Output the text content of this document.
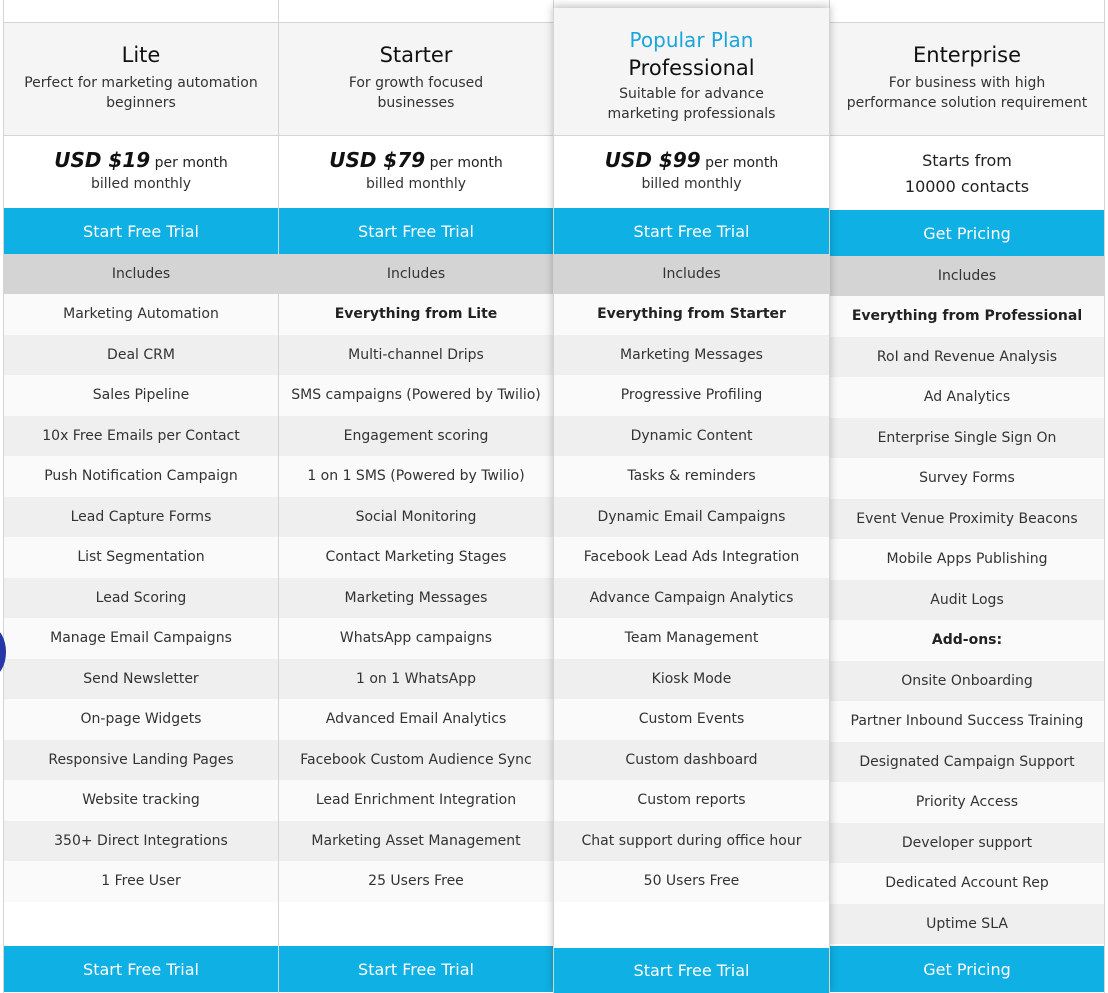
Lite
Perfect for marketing automation beginners
USD $19 per month
billed monthly
Start Free Trial
Includes
Marketing Automation
Deal CRM
Sales Pipeline
10x Free Emails per Contact
Push Notification Campaign
Lead Capture Forms
List Segmentation
Lead Scoring
Manage Email Campaigns
Send Newsletter
On-page Widgets
Responsive Landing Pages
Website tracking
350+ Direct Integrations
1 Free User
Start Free Trial
Starter
For growth focused businesses
USD $79 per month
billed monthly
Start Free Trial
Includes
Everything from Lite
Multi-channel Drips
SMS campaigns (Powered by Twilio)
Engagement scoring
1 on 1 SMS (Powered by Twilio)
Social Monitoring
Contact Marketing Stages
Marketing Messages
WhatsApp campaigns
1 on 1 WhatsApp
Advanced Email Analytics
Facebook Custom Audience Sync
Lead Enrichment Integration
Marketing Asset Management
25 Users Free
Start Free Trial
Popular Plan
Professional
Suitable for advance marketing professionals
USD $99 per month
billed monthly
Start Free Trial
Includes
Everything from Starter
Marketing Messages
Progressive Profiling
Dynamic Content
Tasks & reminders
Dynamic Email Campaigns
Facebook Lead Ads Integration
Advance Campaign Analytics
Team Management
Kiosk Mode
Custom Events
Custom dashboard
Custom reports
Chat support during office hour
50 Users Free
Start Free Trial
Enterprise
For business with high performance solution requirement
Starts from
10000 contacts
Get Pricing
Includes
Everything from Professional
RoI and Revenue Analysis
Ad Analytics
Enterprise Single Sign On
Survey Forms
Event Venue Proximity Beacons
Mobile Apps Publishing
Audit Logs
Add-ons:
Onsite Onboarding
Partner Inbound Success Training
Designated Campaign Support
Priority Access
Developer support
Dedicated Account Rep
Uptime SLA
Get Pricing
